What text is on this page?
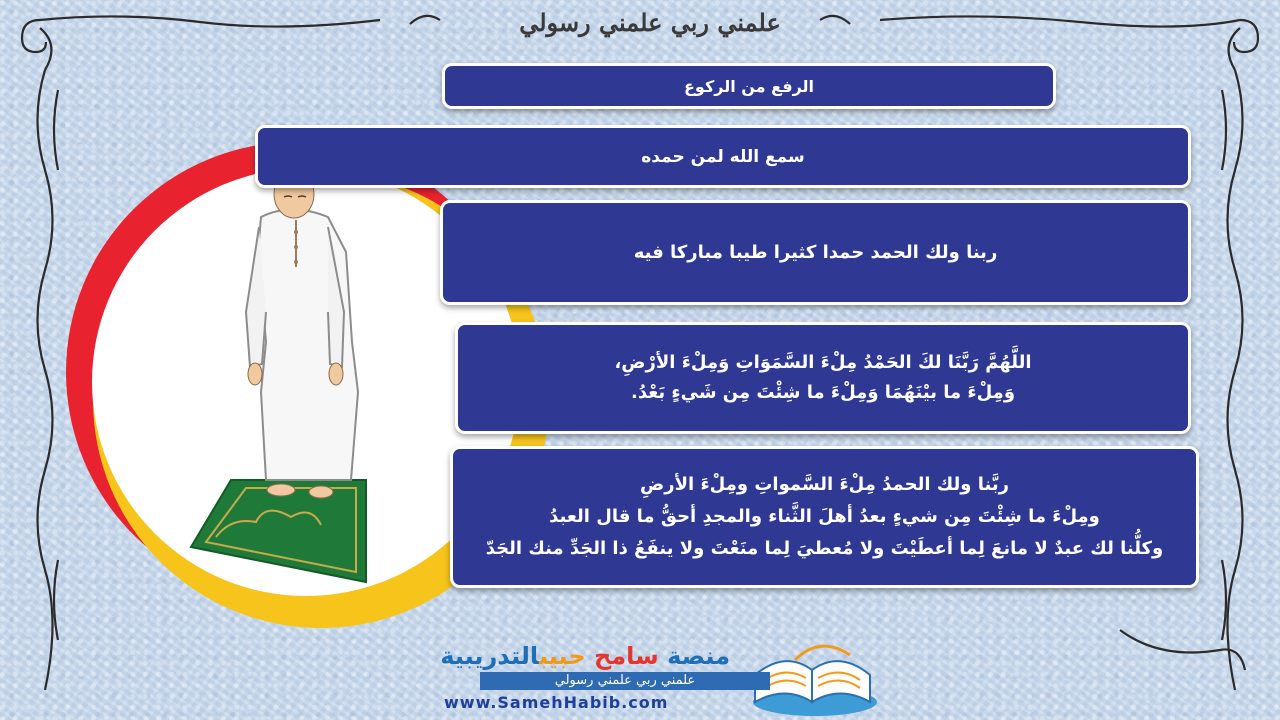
علمني ربي علمني رسولي
الرفع من الركوع
سمع الله لمن حمده
ربنا ولك الحمد حمدا كثيرا طيبا مباركا فيه
اللَّهُمَّ رَبَّنَا لكَ الحَمْدُ مِلْءَ السَّمَوَاتِ وَمِلْءَ الأرْضِ،
وَمِلْءَ ما بيْنَهُمَا وَمِلْءَ ما شِئْتَ مِن شَيءٍ بَعْدُ.
ربَّنا ولك الحمدُ مِلْءَ السَّمواتِ ومِلْءَ الأرضِ
ومِلْءَ ما شِئْتَ مِن شيءٍ بعدُ أهلَ الثَّناء والمجدِ أحقُّ ما قال العبدُ
وكلُّنا لك عبدٌ لا مانعَ لِما أعطَيْتَ ولا مُعطيَ لِما منَعْتَ ولا ينفَعُ ذا الجَدِّ منك الجَدّ
منصة سامح حبيبالتدريبية
علمني ربي علمني رسولي
www.SamehHabib.com
